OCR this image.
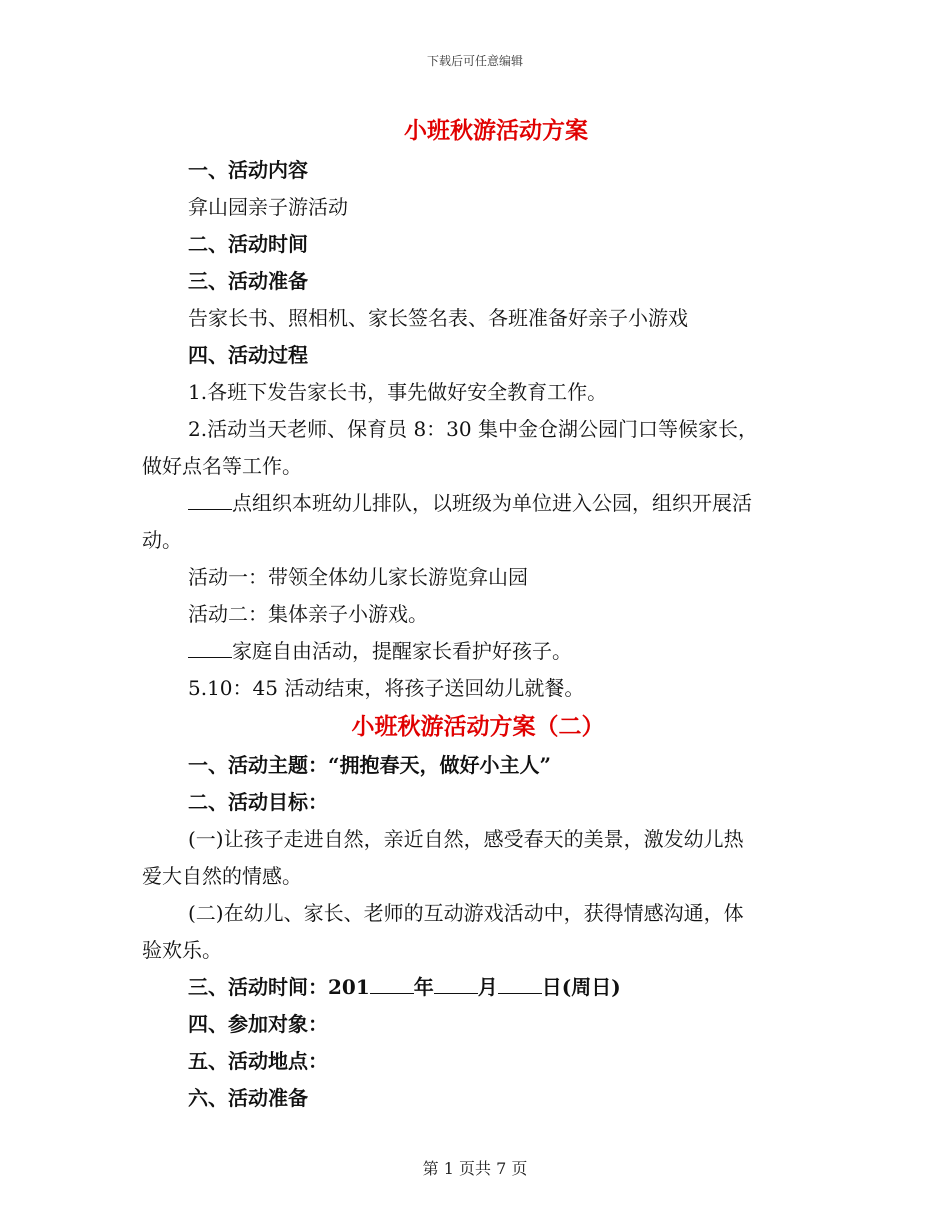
下载后可任意编辑
小班秋游活动方案
一、活动内容
弇山园亲子游活动
二、活动时间
三、活动准备
告家长书、照相机、家长签名表、各班准备好亲子小游戏
四、活动过程
1.各班下发告家长书，事先做好安全教育工作。
2.活动当天老师、保育员 8：30 集中金仓湖公园门口等候家长，
做好点名等工作。
点组织本班幼儿排队，以班级为单位进入公园，组织开展活
动。
活动一：带领全体幼儿家长游览弇山园
活动二：集体亲子小游戏。
家庭自由活动，提醒家长看护好孩子。
5.10：45 活动结束，将孩子送回幼儿就餐。
小班秋游活动方案（二）
一、活动主题：“拥抱春天，做好小主人”
二、活动目标：
(一)让孩子走进自然，亲近自然，感受春天的美景，激发幼儿热
爱大自然的情感。
(二)在幼儿、家长、老师的互动游戏活动中，获得情感沟通，体
验欢乐。
三、活动时间：201 年 月 日(周日)
四、参加对象：
五、活动地点：
六、活动准备
第 1 页共 7 页
